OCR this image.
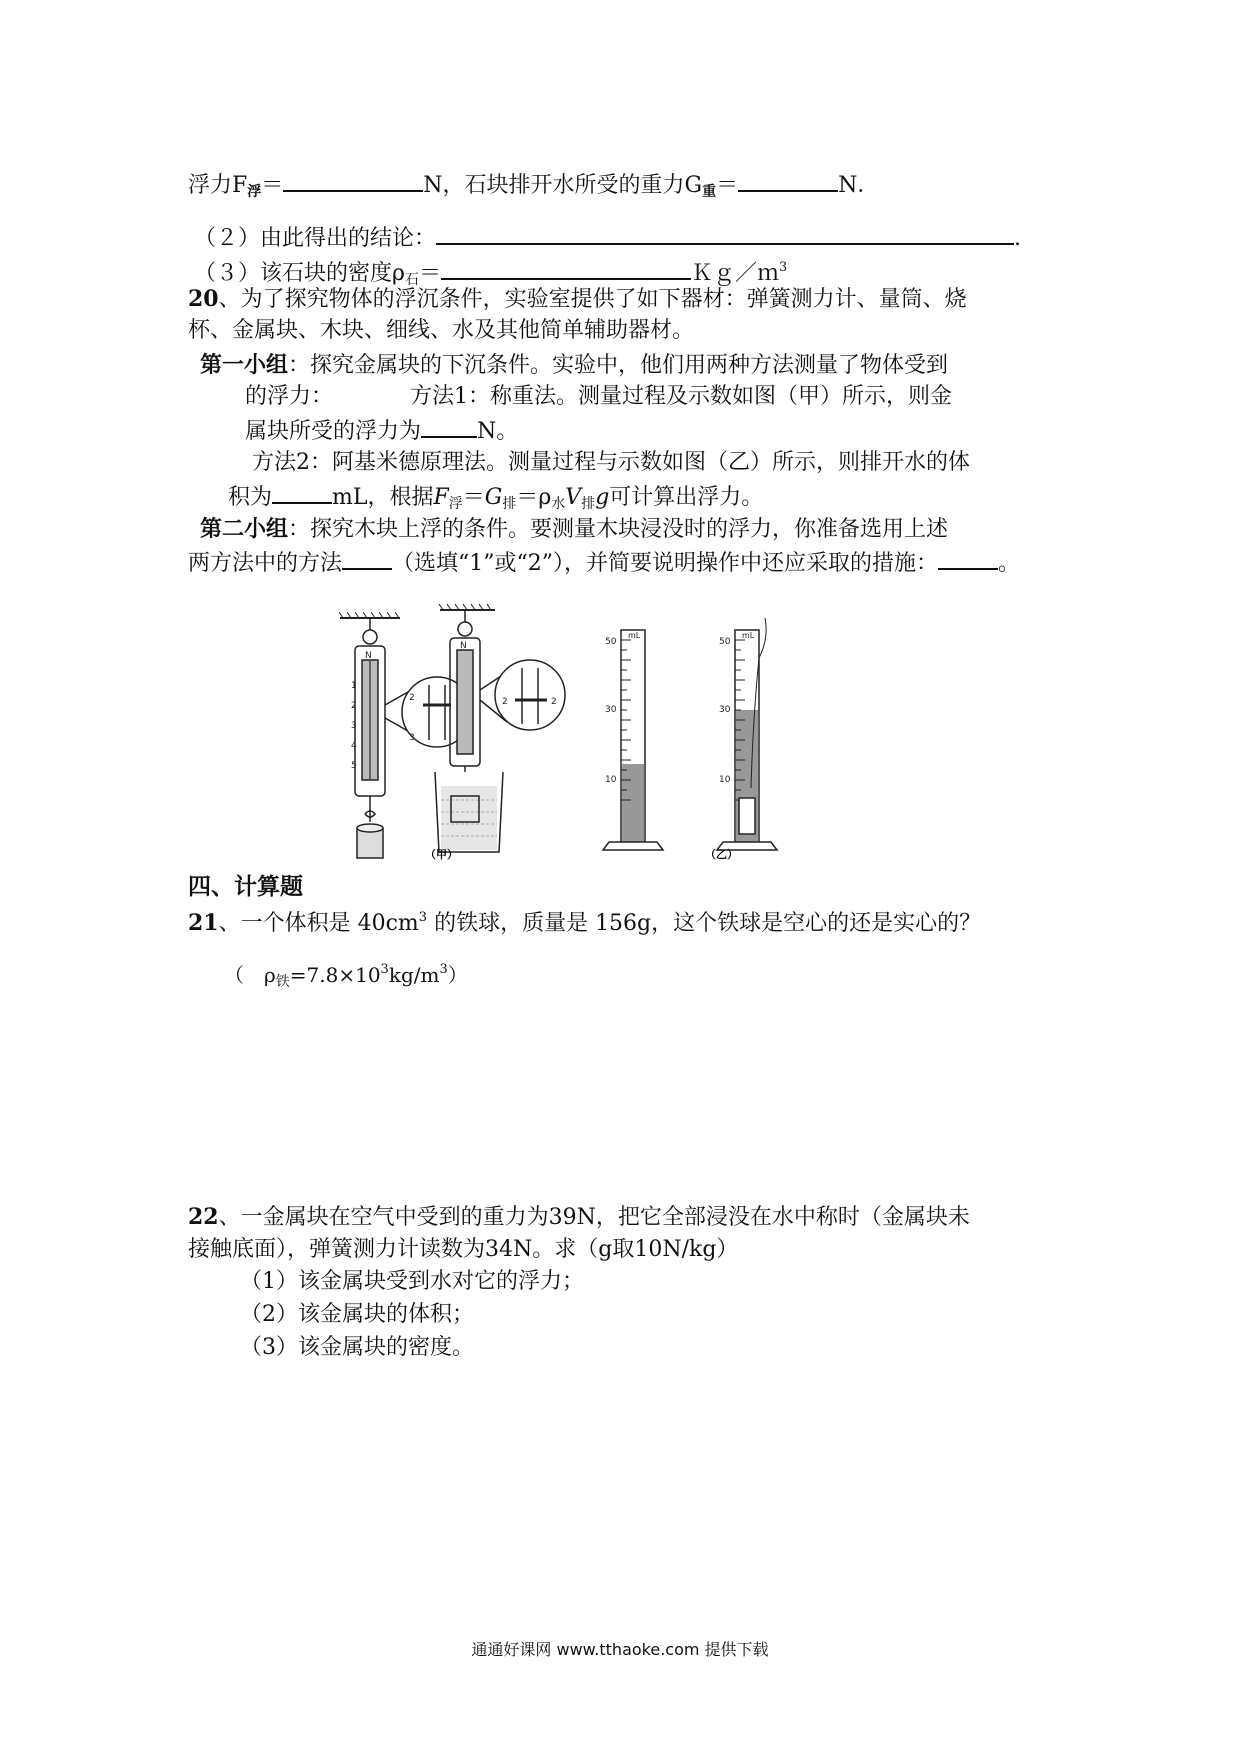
浮力$F_浮=$	N，石块排开水所受的重力$G_重=$	N．
（２）由此得出的结论：	.
（３）该石块的密度$\rho_石=$	Ｋｇ／ｍ$^3$
20、为了探究物体的浮沉条件，实验室提供了如下器材：弹簧测力计、量筒、烧
杯、金属块、木块、细线、水及其他简单辅助器材。
第一小组：探究金属块的下沉条件。实验中，他们用两种方法测量了物体受到
的浮力：　　　　方法1：称重法。测量过程及示数如图（甲）所示，则金
属块所受的浮力为	N。
方法2：阿基米德原理法。测量过程与示数如图（乙）所示，则排开水的体
积为	mL，根据$F_浮=G_排=\rho_水V_排g$可计算出浮力。
第二小组：探究木块上浮的条件。要测量木块浸没时的浮力，你准备选用上述
两方法中的方法 （选填“1”或“2”），并简要说明操作中还应采取的措施：	。
N
1
2
3
4
5
2
3
N
2	2
50
30
10
mL
50
30
10
mL
（甲）	（乙）
四、计算题
21、一个体积是 $40cm^3$ 的铁球，质量是 156g，这个铁球是空心的还是实心的？
（　$\rho_铁=7.8\times 10^3kg/m^3$）
22、一金属块在空气中受到的重力为39N，把它全部浸没在水中称时（金属块未
接触底面），弹簧测力计读数为34N。求（g取10N/kg）
（1）该金属块受到水对它的浮力；
（2）该金属块的体积；
（3）该金属块的密度。
通通好课网 www.tthaoke.com 提供下载
